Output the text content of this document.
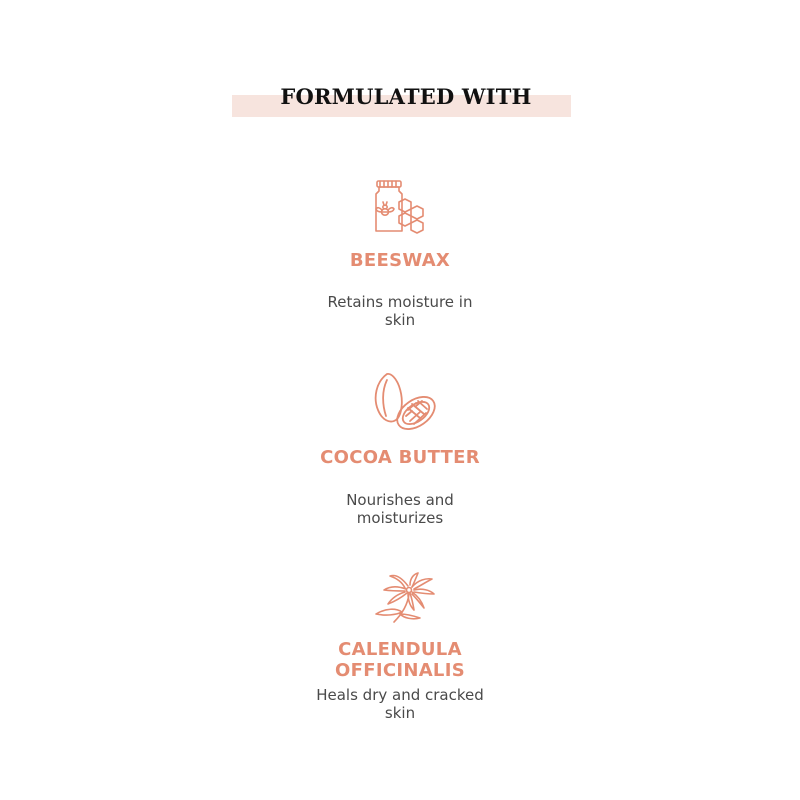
FORMULATED WITH
BEESWAX

Retains moisture in
skin

COCOA BUTTER

Nourishes and
moisturizes

CALENDULA
OFFICINALIS

Heals dry and cracked
skin
